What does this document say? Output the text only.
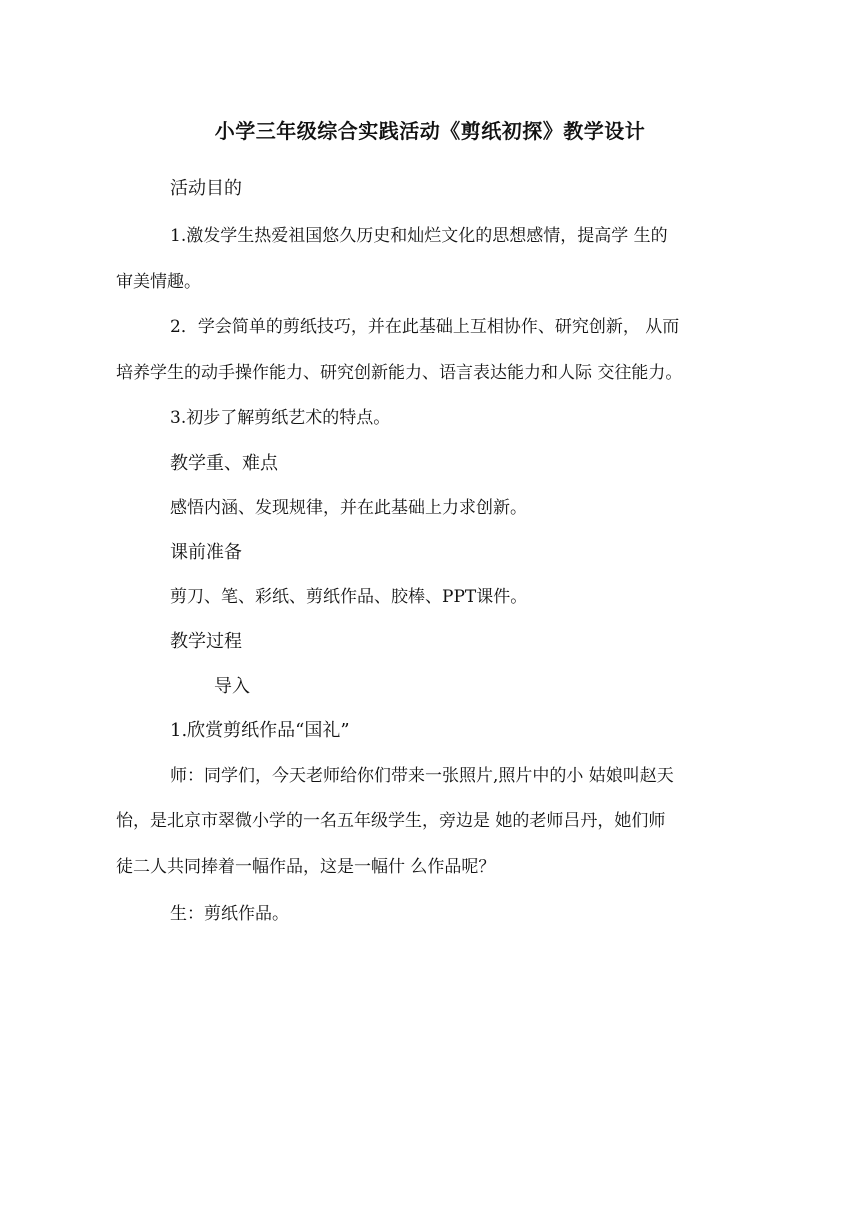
小学三年级综合实践活动《剪纸初探》教学设计
活动目的
1.激发学生热爱祖国悠久历史和灿烂文化的思想感情，提高学 生的
审美情趣。
2．学会简单的剪纸技巧，并在此基础上互相协作、研究创新， 从而
培养学生的动手操作能力、研究创新能力、语言表达能力和人际 交往能力。
3.初步了解剪纸艺术的特点。
教学重、难点
感悟内涵、发现规律，并在此基础上力求创新。
课前准备
剪刀、笔、彩纸、剪纸作品、胶棒、PPT课件。
教学过程
导入
1.欣赏剪纸作品“国礼”
师：同学们，今天老师给你们带来一张照片,照片中的小 姑娘叫赵天
怡，是北京市翠微小学的一名五年级学生，旁边是 她的老师吕丹，她们师
徒二人共同捧着一幅作品，这是一幅什 么作品呢？
生：剪纸作品。
